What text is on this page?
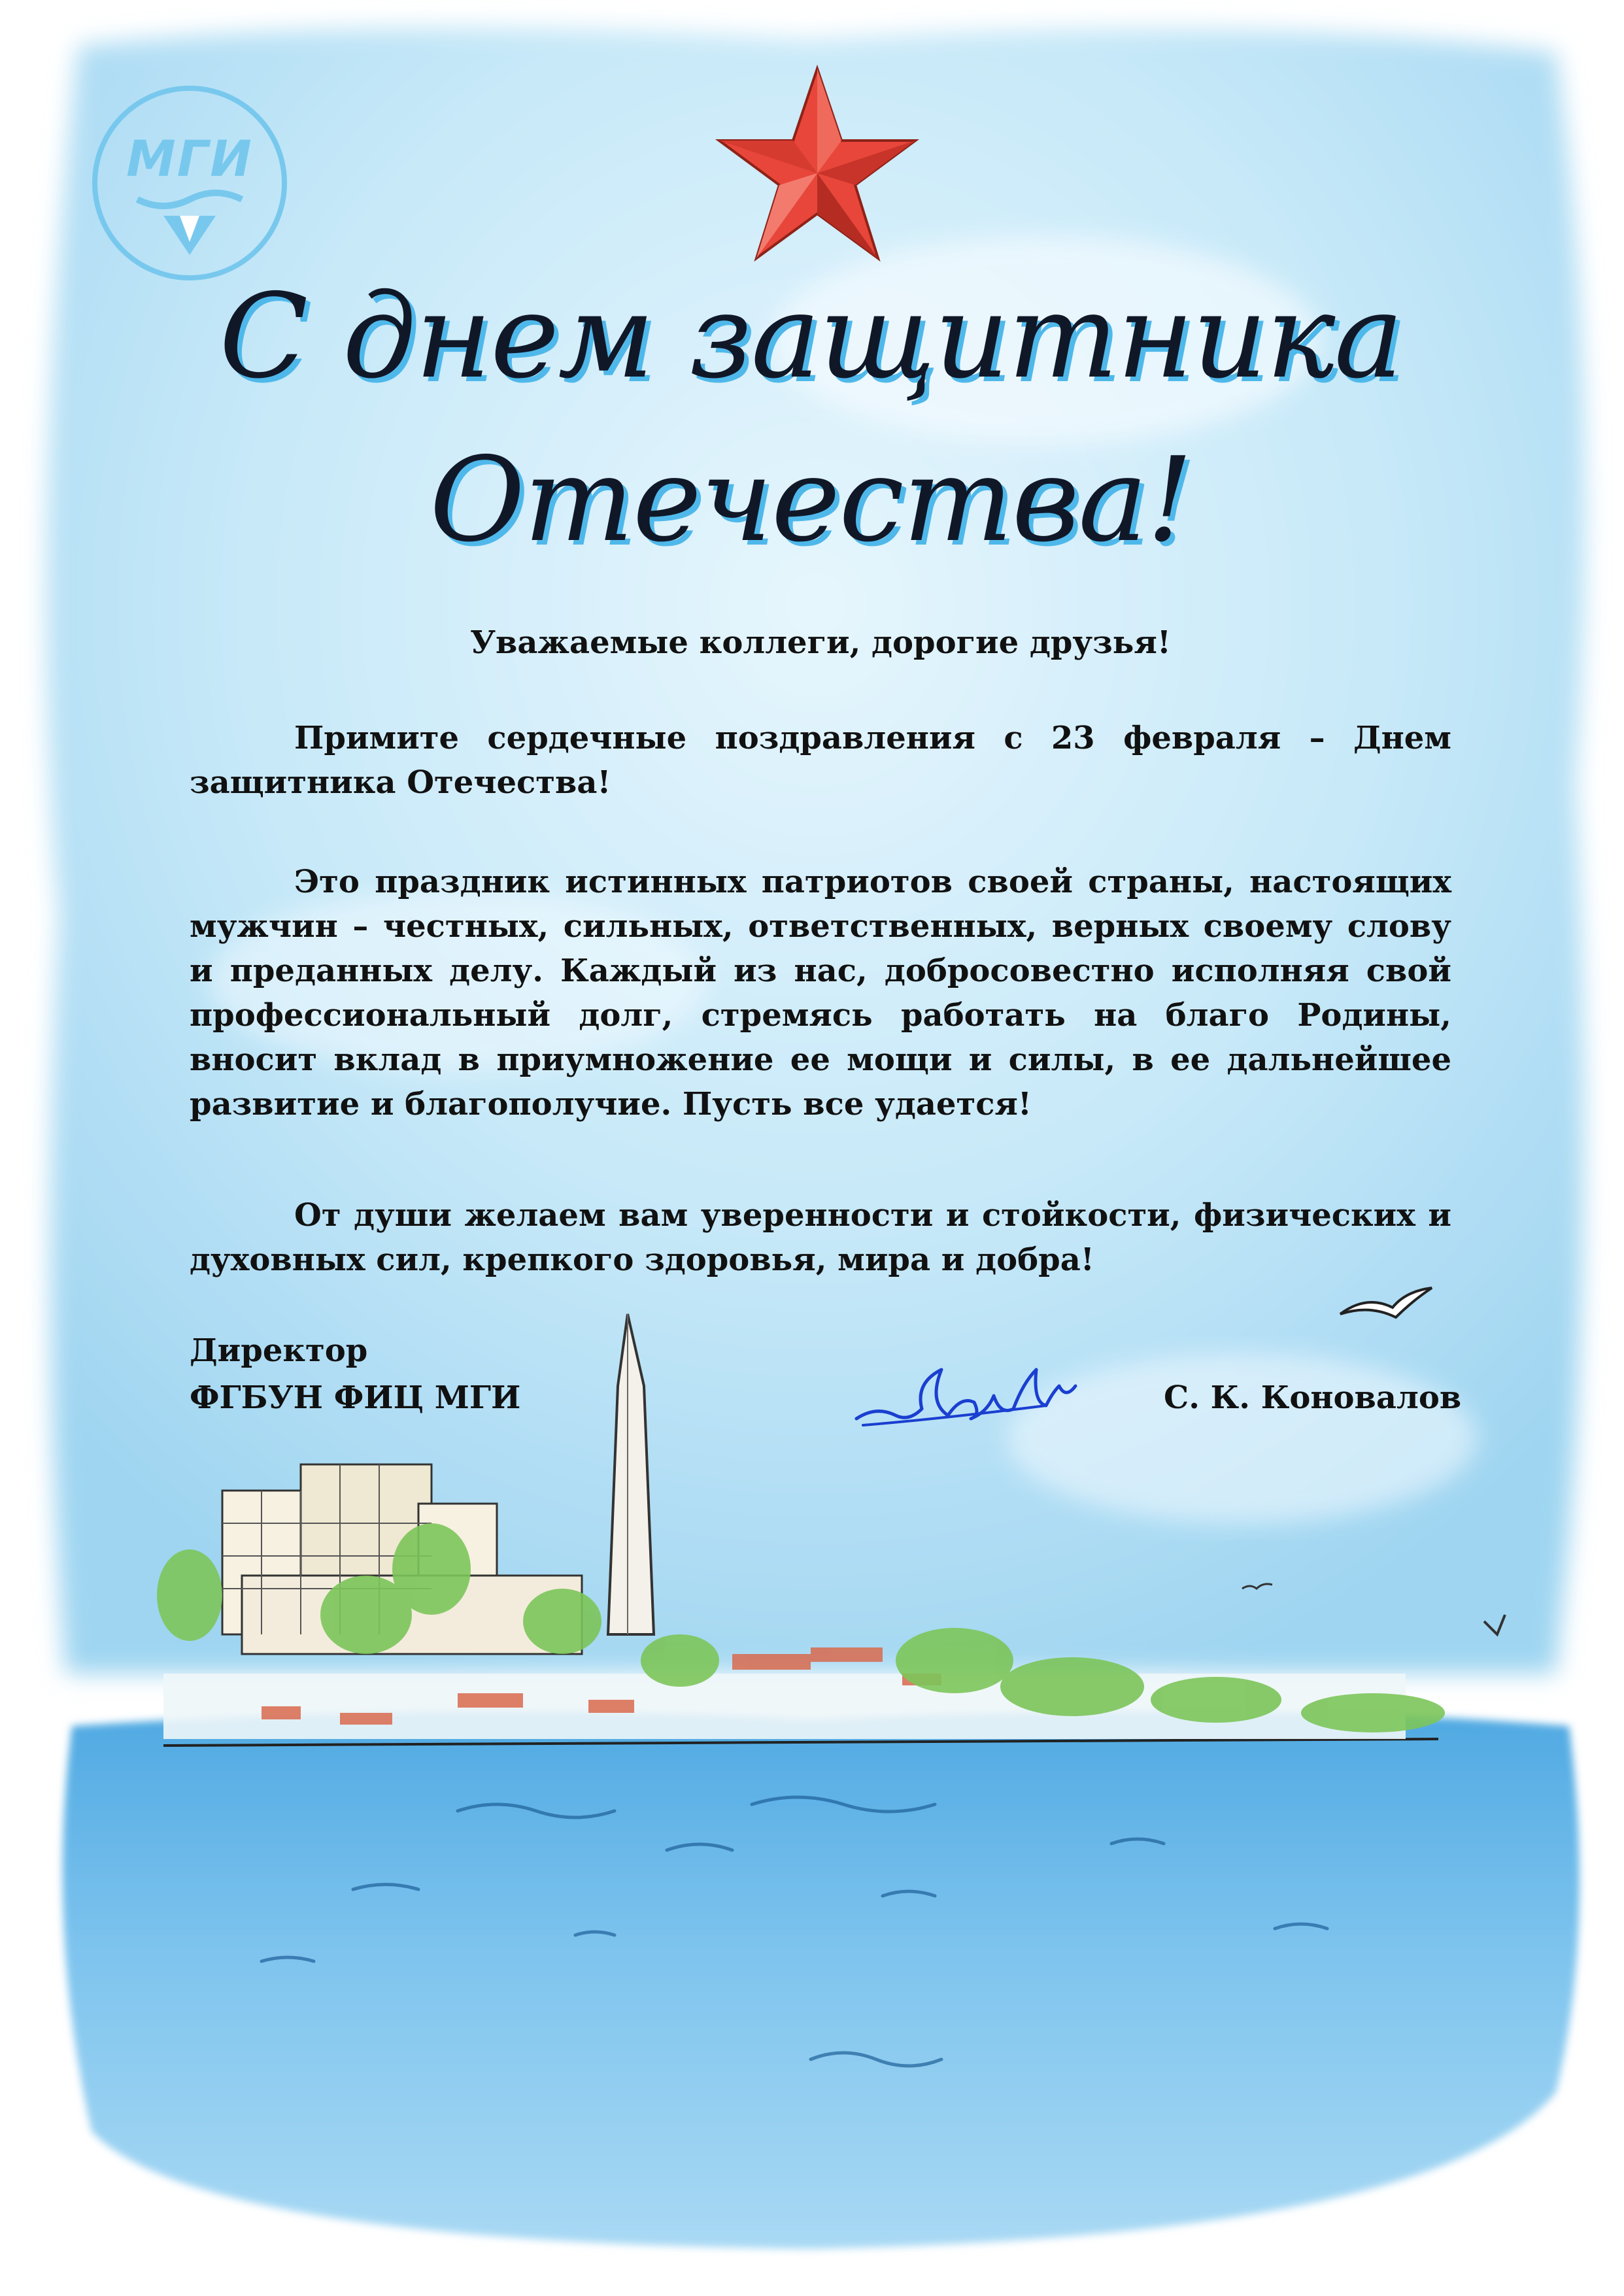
МГИ
С днем защитника
Отечества!
Уважаемые коллеги, дорогие друзья!

Примите сердечные поздравления с 23 февраля – Днем защитника Отечества!

Это праздник истинных патриотов своей страны, настоящих мужчин – честных, сильных, ответственных, верных своему слову и преданных делу. Каждый из нас, добросовестно исполняя свой профессиональный долг, стремясь работать на благо Родины, вносит вклад в приумножение ее мощи и силы, в ее дальнейшее развитие и благополучие. Пусть все удается!

От души желаем вам уверенности и стойкости, физических и духовных сил, крепкого здоровья, мира и добра!

Директор
ФГБУН ФИЦ МГИ	С. К. Коновалов
